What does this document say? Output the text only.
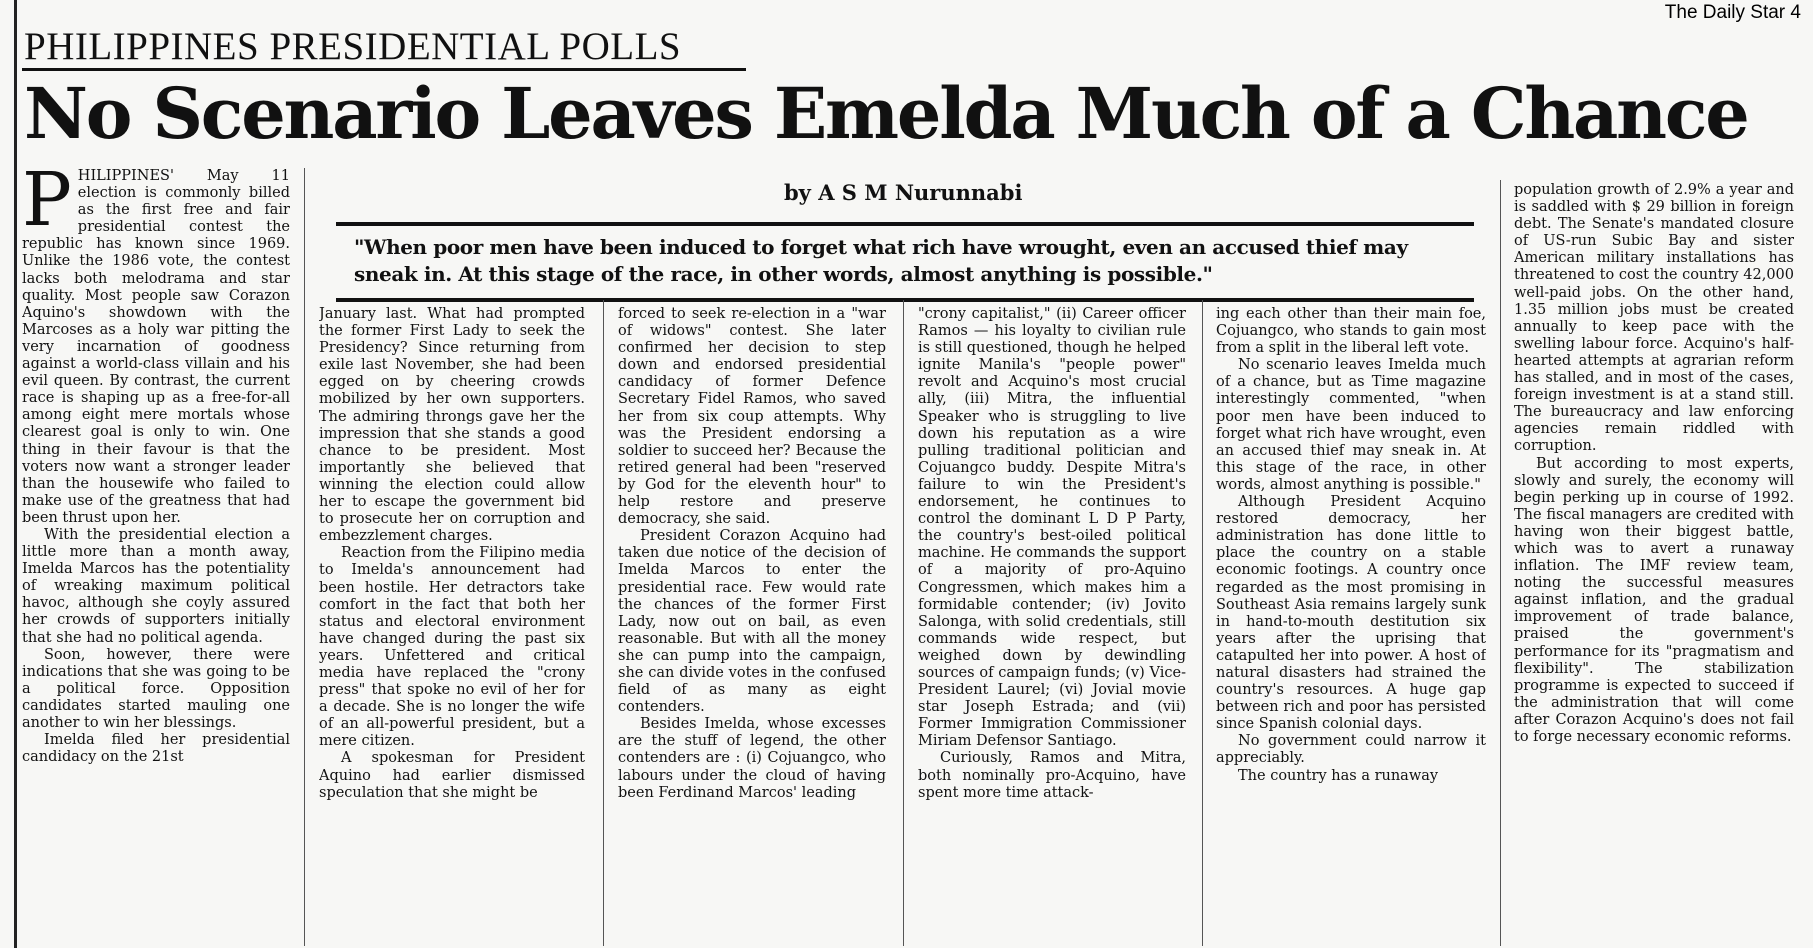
The Daily Star 4
PHILIPPINES PRESIDENTIAL POLLS
No Scenario Leaves Emelda Much of a Chance
by A S M Nurunnabi
"When poor men have been induced to forget what rich have wrought, even an accused thief may sneak in. At this stage of the race, in other words, almost anything is possible."
P HILIPPINES' May 11 election is commonly billed as the first free and fair presidential contest the republic has known since 1969. Unlike the 1986 vote, the contest lacks both melodrama and star quality. Most people saw Corazon Aquino's showdown with the Marcoses as a holy war pitting the very incarnation of goodness against a world-class villain and his evil queen. By contrast, the current race is shaping up as a free-for-all among eight mere mortals whose clearest goal is only to win. One thing in their favour is that the voters now want a stronger leader than the housewife who failed to make use of the greatness that had been thrust upon her.

With the presidential election a little more than a month away, Imelda Marcos has the potentiality of wreaking maximum political havoc, although she coyly assured her crowds of supporters initially that she had no political agenda.

Soon, however, there were indications that she was going to be a political force. Opposition candidates started mauling one another to win her blessings.

Imelda filed her presidential candidacy on the 21st

January last. What had prompted the former First Lady to seek the Presidency? Since returning from exile last November, she had been egged on by cheering crowds mobilized by her own supporters. The admiring throngs gave her the impression that she stands a good chance to be president. Most importantly she believed that winning the election could allow her to escape the government bid to prosecute her on corruption and embezzlement charges.

Reaction from the Filipino media to Imelda's announcement had been hostile. Her detractors take comfort in the fact that both her status and electoral environment have changed during the past six years. Unfettered and critical media have replaced the "crony press" that spoke no evil of her for a decade. She is no longer the wife of an all-powerful president, but a mere citizen.

A spokesman for President Aquino had earlier dismissed speculation that she might be

forced to seek re-election in a "war of widows" contest. She later confirmed her decision to step down and endorsed presidential candidacy of former Defence Secretary Fidel Ramos, who saved her from six coup attempts. Why was the President endorsing a soldier to succeed her? Because the retired general had been "reserved by God for the eleventh hour" to help restore and preserve democracy, she said.

President Corazon Acquino had taken due notice of the decision of Imelda Marcos to enter the presidential race. Few would rate the chances of the former First Lady, now out on bail, as even reasonable. But with all the money she can pump into the campaign, she can divide votes in the confused field of as many as eight contenders.

Besides Imelda, whose excesses are the stuff of legend, the other contenders are : (i) Cojuangco, who labours under the cloud of having been Ferdinand Marcos' leading

"crony capitalist," (ii) Career officer Ramos — his loyalty to civilian rule is still questioned, though he helped ignite Manila's "people power" revolt and Acquino's most crucial ally, (iii) Mitra, the influential Speaker who is struggling to live down his reputation as a wire pulling traditional politician and Cojuangco buddy. Despite Mitra's failure to win the President's endorsement, he continues to control the dominant L D P Party, the country's best-oiled political machine. He commands the support of a majority of pro-Aquino Congressmen, which makes him a formidable contender; (iv) Jovito Salonga, with solid credentials, still commands wide respect, but weighed down by dewindling sources of campaign funds; (v) Vice-President Laurel; (vi) Jovial movie star Joseph Estrada; and (vii) Former Immigration Commissioner Miriam Defensor Santiago.

Curiously, Ramos and Mitra, both nominally pro-Acquino, have spent more time attack-

ing each other than their main foe, Cojuangco, who stands to gain most from a split in the liberal left vote.

No scenario leaves Imelda much of a chance, but as Time magazine interestingly commented, "when poor men have been induced to forget what rich have wrought, even an accused thief may sneak in. At this stage of the race, in other words, almost anything is possible."

Although President Acquino restored democracy, her administration has done little to place the country on a stable economic footings. A country once regarded as the most promising in Southeast Asia remains largely sunk in hand-to-mouth destitution six years after the uprising that catapulted her into power. A host of natural disasters had strained the country's resources. A huge gap between rich and poor has persisted since Spanish colonial days.

No government could narrow it appreciably.

The country has a runaway

population growth of 2.9% a year and is saddled with $ 29 billion in foreign debt. The Senate's mandated closure of US-run Subic Bay and sister American military installations has threatened to cost the country 42,000 well-paid jobs. On the other hand, 1.35 million jobs must be created annually to keep pace with the swelling labour force. Acquino's half-hearted attempts at agrarian reform has stalled, and in most of the cases, foreign investment is at a stand still. The bureaucracy and law enforcing agencies remain riddled with corruption.

But according to most experts, slowly and surely, the economy will begin perking up in course of 1992. The fiscal managers are credited with having won their biggest battle, which was to avert a runaway inflation. The IMF review team, noting the successful measures against inflation, and the gradual improvement of trade balance, praised the government's performance for its "pragmatism and flexibility". The stabilization programme is expected to succeed if the administration that will come after Corazon Acquino's does not fail to forge necessary economic reforms.
